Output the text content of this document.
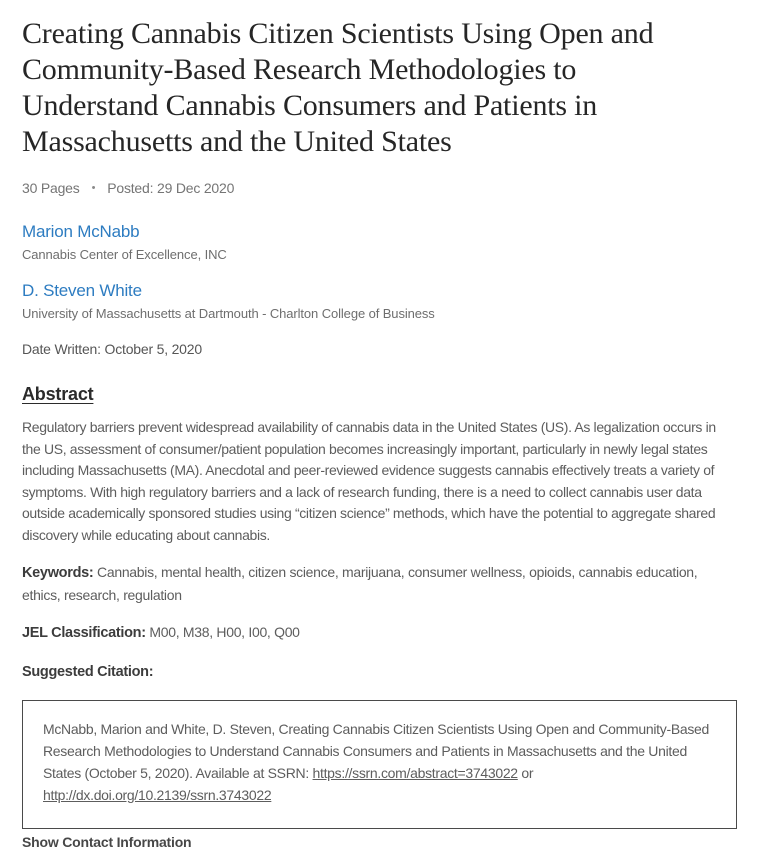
Creating Cannabis Citizen Scientists Using Open and Community-Based Research Methodologies to Understand Cannabis Consumers and Patients in Massachusetts and the United States
30 Pages • Posted: 29 Dec 2020
Marion McNabb
Cannabis Center of Excellence, INC
D. Steven White
University of Massachusetts at Dartmouth - Charlton College of Business
Date Written: October 5, 2020
Abstract

Regulatory barriers prevent widespread availability of cannabis data in the United States (US). As legalization occurs in the US, assessment of consumer/patient population becomes increasingly important, particularly in newly legal states including Massachusetts (MA). Anecdotal and peer-reviewed evidence suggests cannabis effectively treats a variety of symptoms. With high regulatory barriers and a lack of research funding, there is a need to collect cannabis user data outside academically sponsored studies using “citizen science” methods, which have the potential to aggregate shared discovery while educating about cannabis.

Keywords: Cannabis, mental health, citizen science, marijuana, consumer wellness, opioids, cannabis education, ethics, research, regulation

JEL Classification: M00, M38, H00, I00, Q00

Suggested Citation:

McNabb, Marion and White, D. Steven, Creating Cannabis Citizen Scientists Using Open and Community-Based Research Methodologies to Understand Cannabis Consumers and Patients in Massachusetts and the United States (October 5, 2020). Available at SSRN: https://ssrn.com/abstract=3743022 or http://dx.doi.org/10.2139/ssrn.3743022

Show Contact Information
